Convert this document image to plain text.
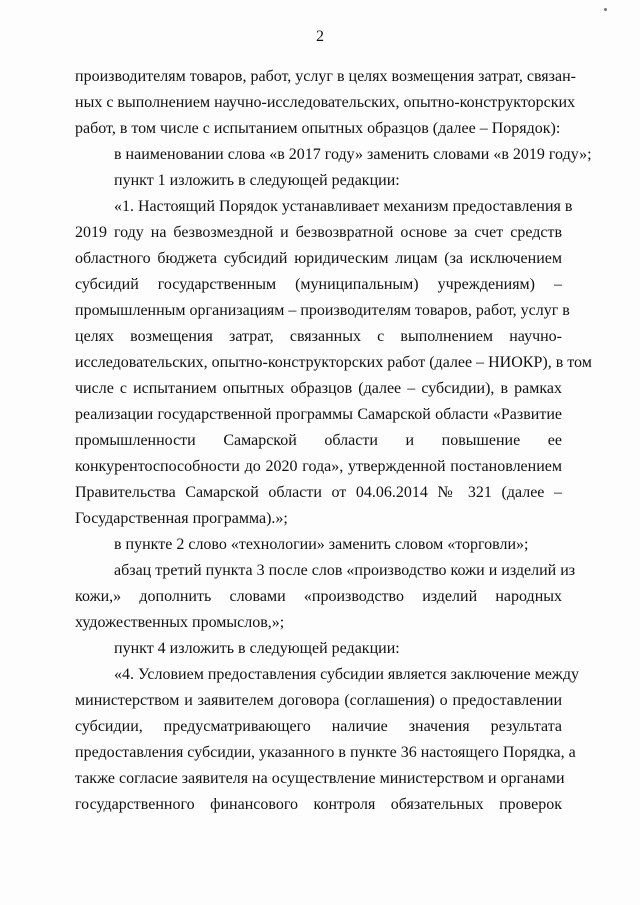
2
производителям товаров, работ, услуг в целях возмещения затрат, связан-
ных с выполнением научно-исследовательских, опытно-конструкторских
работ, в том числе с испытанием опытных образцов (далее – Порядок):
в наименовании слова «в 2017 году» заменить словами «в 2019 году»;
пункт 1 изложить в следующей редакции:
«1. Настоящий Порядок устанавливает механизм предоставления в
2019 году на безвозмездной и безвозвратной основе за счет средств
областного бюджета субсидий юридическим лицам (за исключением
субсидий государственным (муниципальным) учреждениям) –
промышленным организациям – производителям товаров, работ, услуг в
целях возмещения затрат, связанных с выполнением научно-
исследовательских, опытно-конструкторских работ (далее – НИОКР), в том
числе с испытанием опытных образцов (далее – субсидии), в рамках
реализации государственной программы Самарской области «Развитие
промышленности Самарской области и повышение ее
конкурентоспособности до 2020 года», утвержденной постановлением
Правительства Самарской области от 04.06.2014 № 321 (далее –
Государственная программа).»;
в пункте 2 слово «технологии» заменить словом «торговли»;
абзац третий пункта 3 после слов «производство кожи и изделий из
кожи,» дополнить словами «производство изделий народных
художественных промыслов,»;
пункт 4 изложить в следующей редакции:
«4. Условием предоставления субсидии является заключение между
министерством и заявителем договора (соглашения) о предоставлении
субсидии, предусматривающего наличие значения результата
предоставления субсидии, указанного в пункте 36 настоящего Порядка, а
также согласие заявителя на осуществление министерством и органами
государственного финансового контроля обязательных проверок
